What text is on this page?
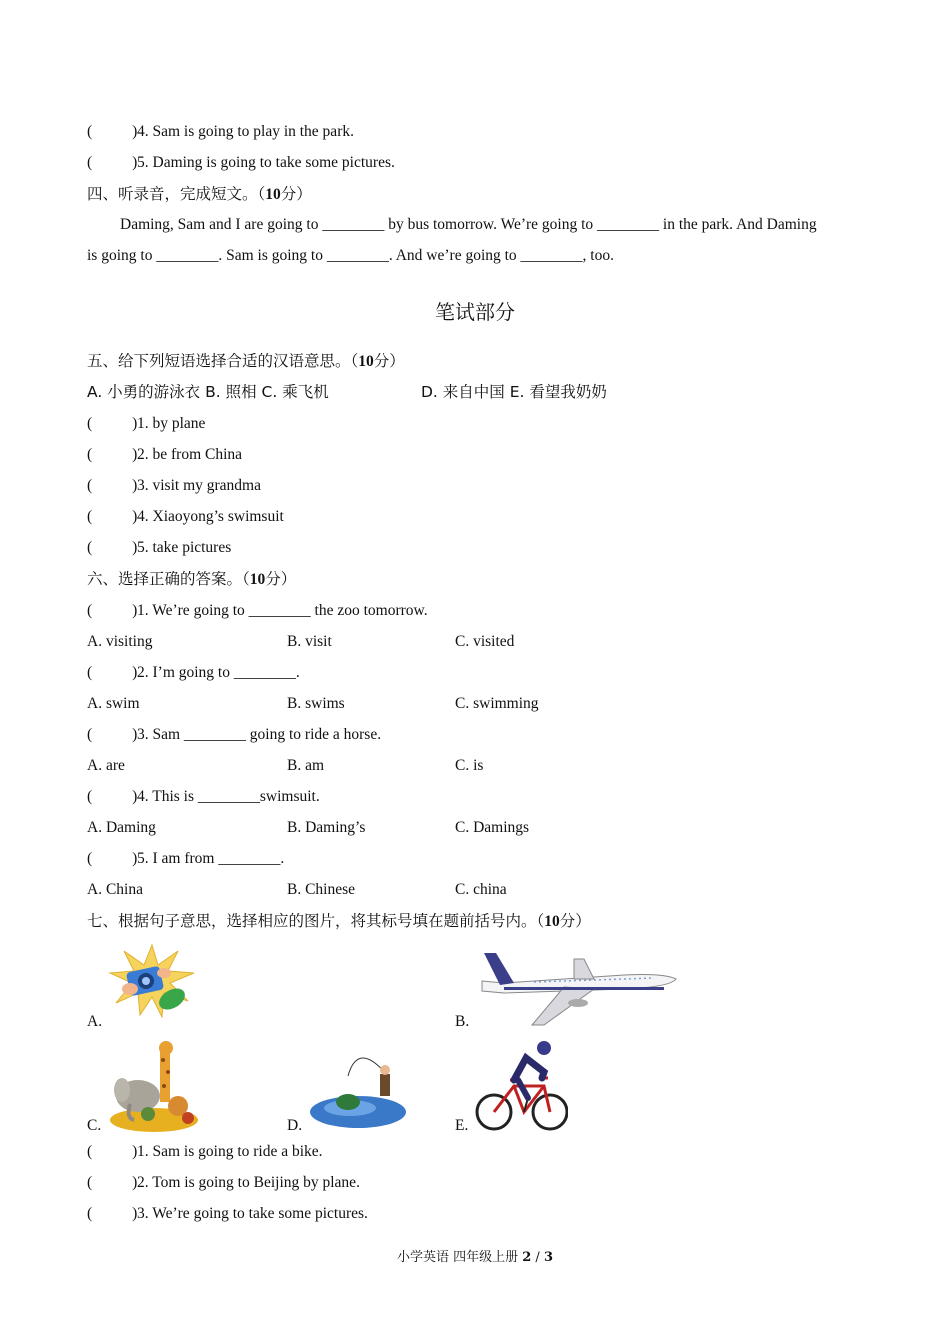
(	)4. Sam is going to play in the park.
(	)5. Daming is going to take some pictures.
四、听录音，完成短文。（10分）
Daming, Sam and I are going to ________ by bus tomorrow. We’re going to ________ in the park. And Daming
is going to ________. Sam is going to ________. And we’re going to ________, too.
笔试部分
五、给下列短语选择合适的汉语意思。（10分）
A. 小勇的游泳衣 B. 照相 C. 乘飞机	D. 来自中国 E. 看望我奶奶
(	)1. by plane
(	)2. be from China
(	)3. visit my grandma
(	)4. Xiaoyong’s swimsuit
(	)5. take pictures
六、选择正确的答案。（10分）
(	)1. We’re going to ________ the zoo tomorrow.
A. visiting	B. visit	C. visited
(	)2. I’m going to ________.
A. swim	B. swims	C. swimming
(	)3. Sam ________ going to ride a horse.
A. are	B. am	C. is
(	)4. This is ________swimsuit.
A. Daming	B. Daming’s	C. Damings
(	)5. I am from ________.
A. China	B. Chinese	C. china
七、根据句子意思，选择相应的图片，将其标号填在题前括号内。（10分）
A.	B.
C.	D.	E.
(	)1. Sam is going to ride a bike.
(	)2. Tom is going to Beijing by plane.
(	)3. We’re going to take some pictures.
小学英语 四年级上册 2 / 3
